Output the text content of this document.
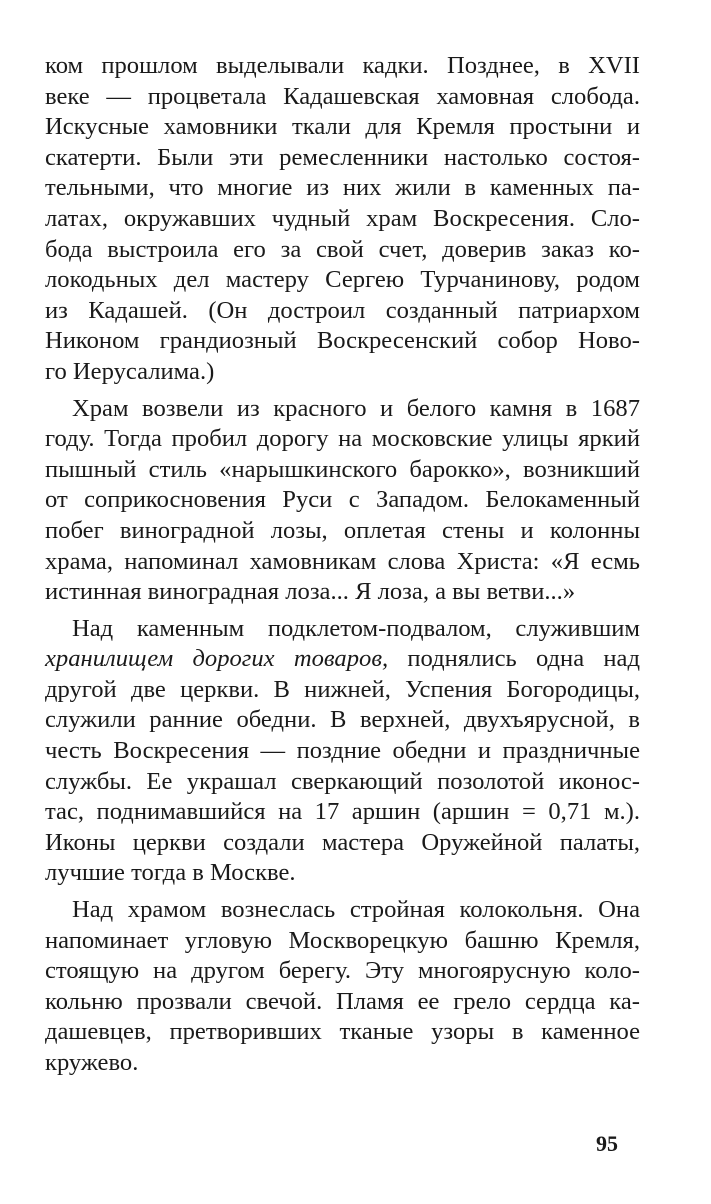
ком прошлом выделывали кадки. Позднее, в XVII
веке — процветала Кадашевская хамовная слобода.
Искусные хамовники ткали для Кремля простыни и
скатерти. Были эти ремесленники настолько состоя-
тельными, что многие из них жили в каменных па-
латах, окружавших чудный храм Воскресения. Сло-
бода выстроила его за свой счет, доверив заказ ко-
локодьных дел мастеру Сергею Турчанинову, родом
из Кадашей. (Он достроил созданный патриархом
Никоном грандиозный Воскресенский собор Ново-
го Иерусалима.)

Храм возвели из красного и белого камня в 1687
году. Тогда пробил дорогу на московские улицы яркий
пышный стиль «нарышкинского барокко», возникший
от соприкосновения Руси с Западом. Белокаменный
побег виноградной лозы, оплетая стены и колонны
храма, напоминал хамовникам слова Христа: «Я есмь
истинная виноградная лоза... Я лоза, а вы ветви...»

Над каменным подклетом-подвалом, служившим
хранилищем дорогих товаров, поднялись одна над
другой две церкви. В нижней, Успения Богородицы,
служили ранние обедни. В верхней, двухъярусной, в
честь Воскресения — поздние обедни и праздничные
службы. Ее украшал сверкающий позолотой иконос-
тас, поднимавшийся на 17 аршин (аршин = 0,71 м.).
Иконы церкви создали мастера Оружейной палаты,
лучшие тогда в Москве.

Над храмом вознеслась стройная колокольня. Она
напоминает угловую Москворецкую башню Кремля,
стоящую на другом берегу. Эту многоярусную коло-
кольню прозвали свечой. Пламя ее грело сердца ка-
дашевцев, претворивших тканые узоры в каменное
кружево.

95
